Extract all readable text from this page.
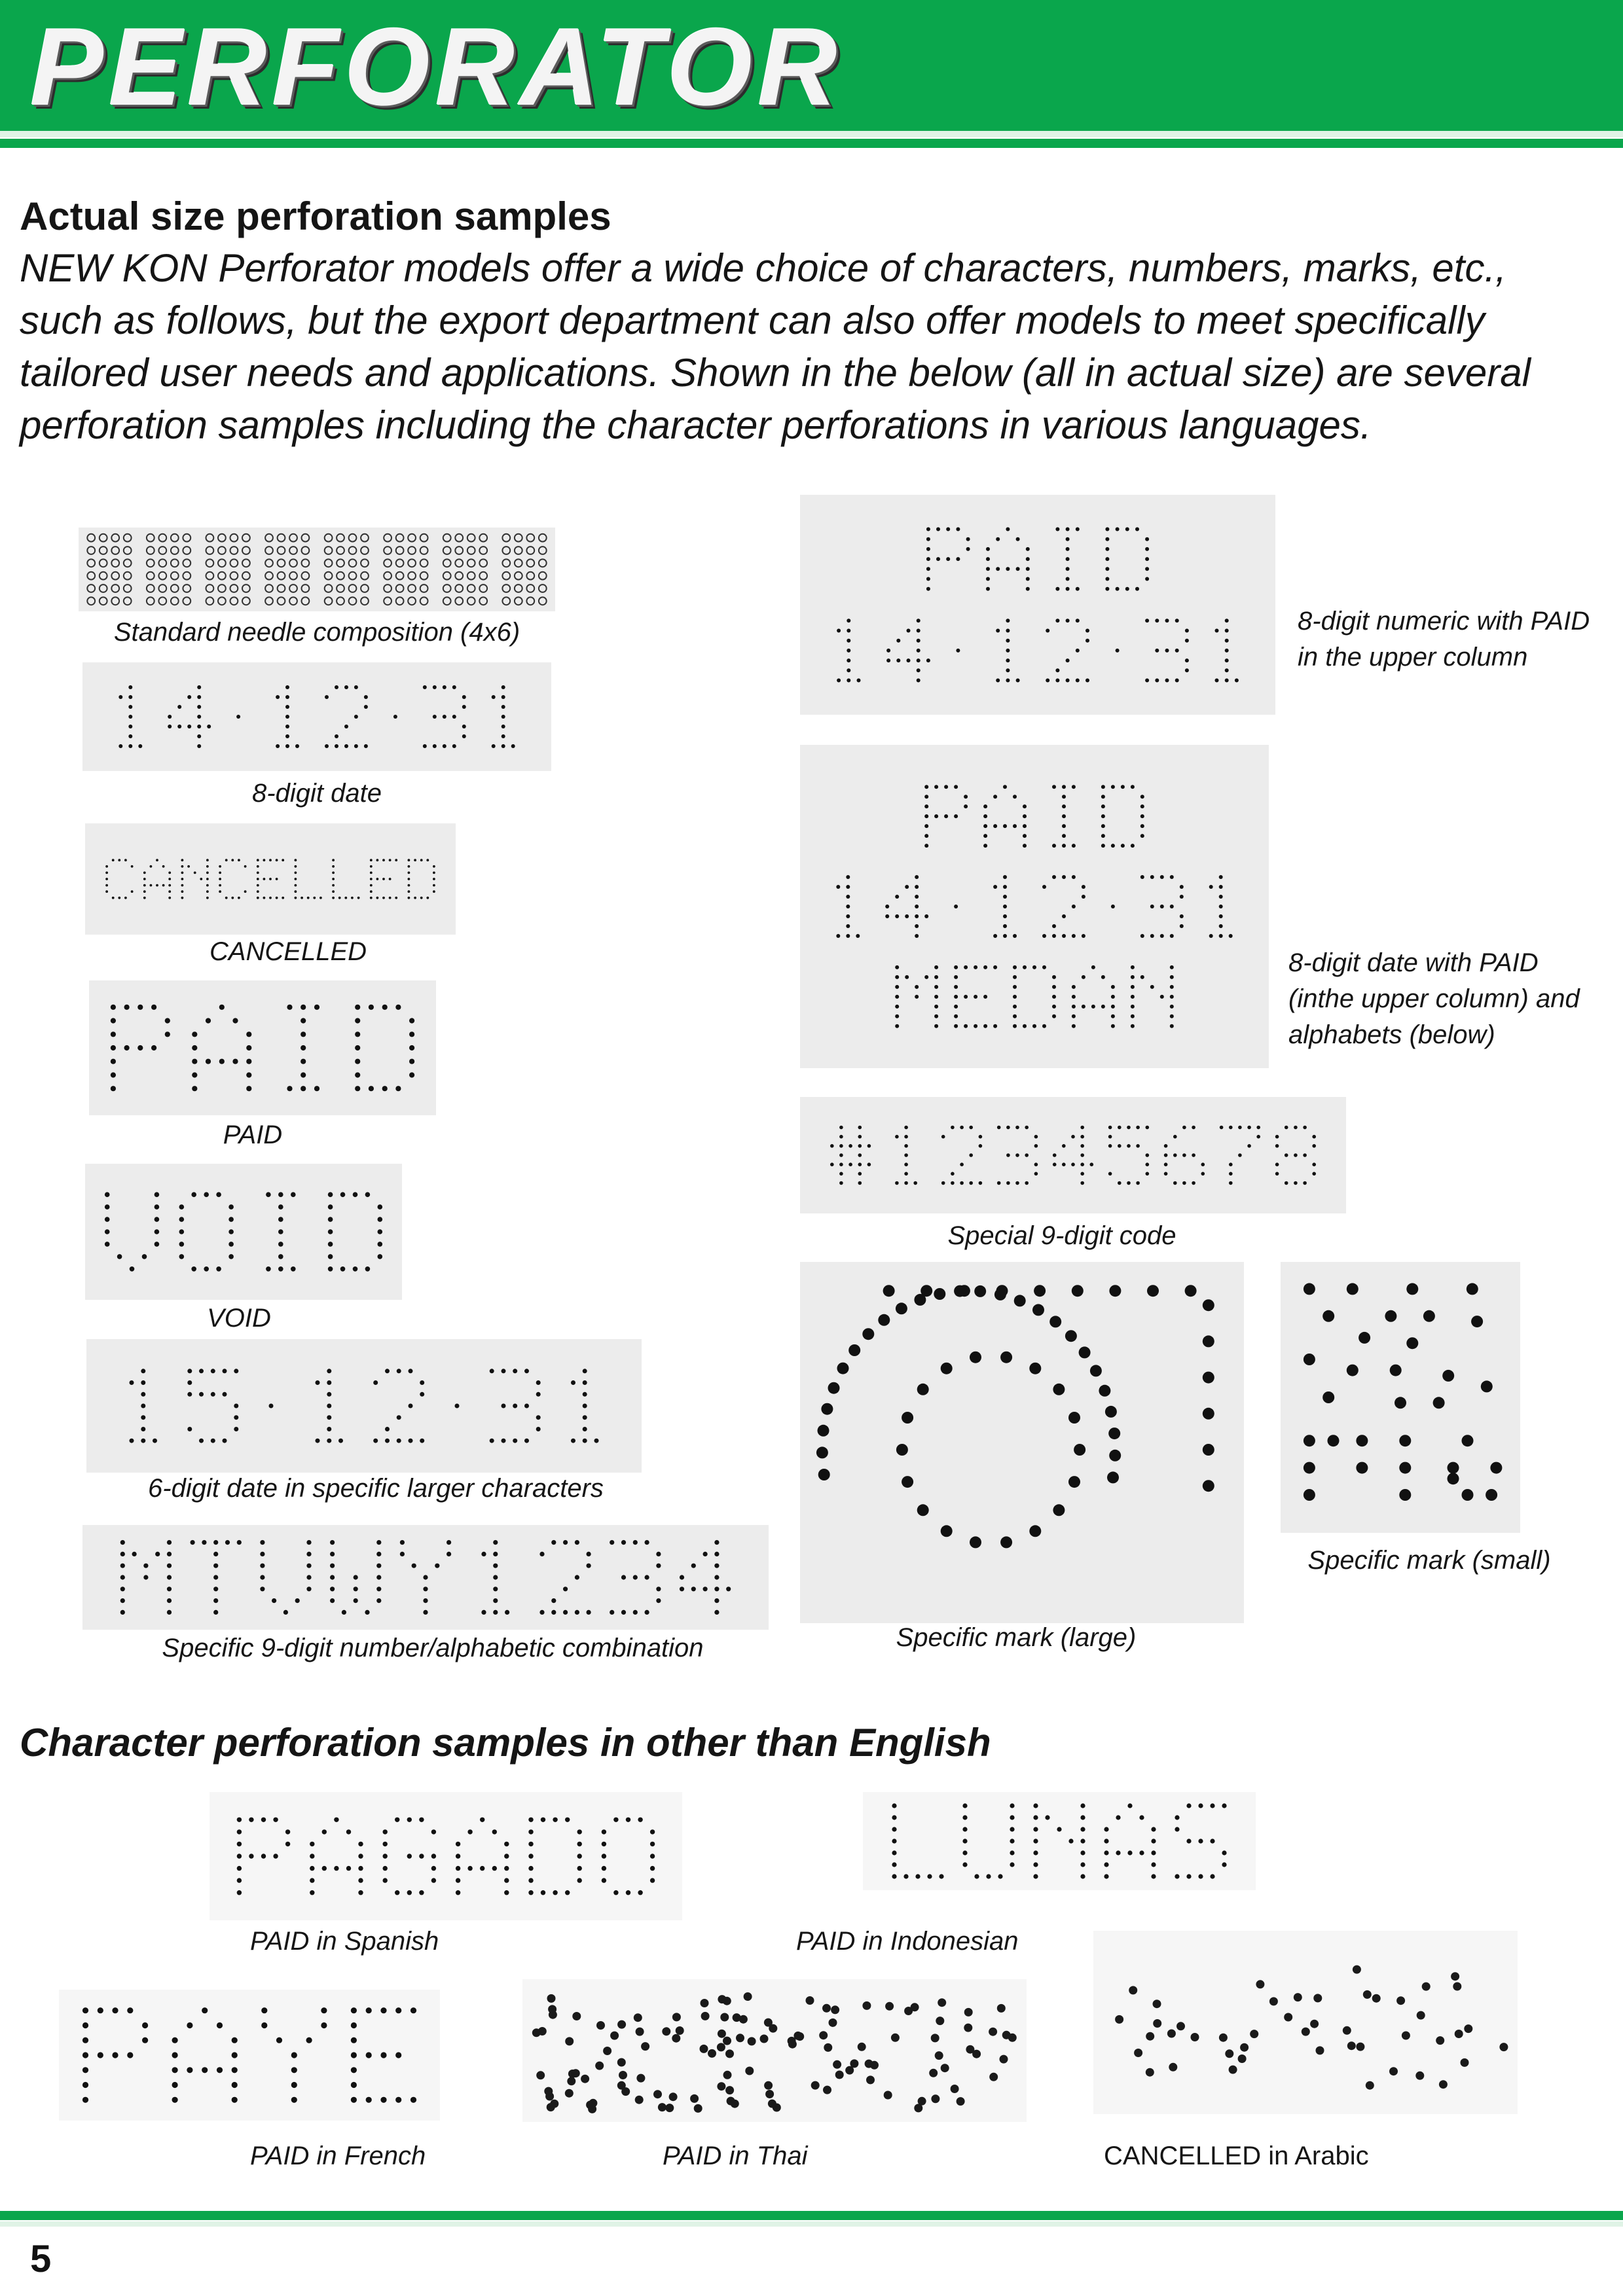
PERFORATOR
Actual size perforation samples

NEW KON Perforator models offer a wide choice of characters, numbers, marks, etc., such as follows, but the export department can also offer models to meet specifically tailored user needs and applications. Shown in the below (all in actual size) are several perforation samples including the character perforations in various languages.

Standard needle composition (4x6)
8-digit date
CANCELLED
PAID
VOID
6-digit date in specific larger characters
Specific 9-digit number/alphabetic combination
8-digit numeric with PAID in the upper column
8-digit date with PAID (inthe upper column) and alphabets (below)
Special 9-digit code
Specific mark (large)
Specific mark (small)
Character perforation samples in other than English
PAID in Spanish	PAID in Indonesian
PAID in French	PAID in Thai	CANCELLED in Arabic
5
